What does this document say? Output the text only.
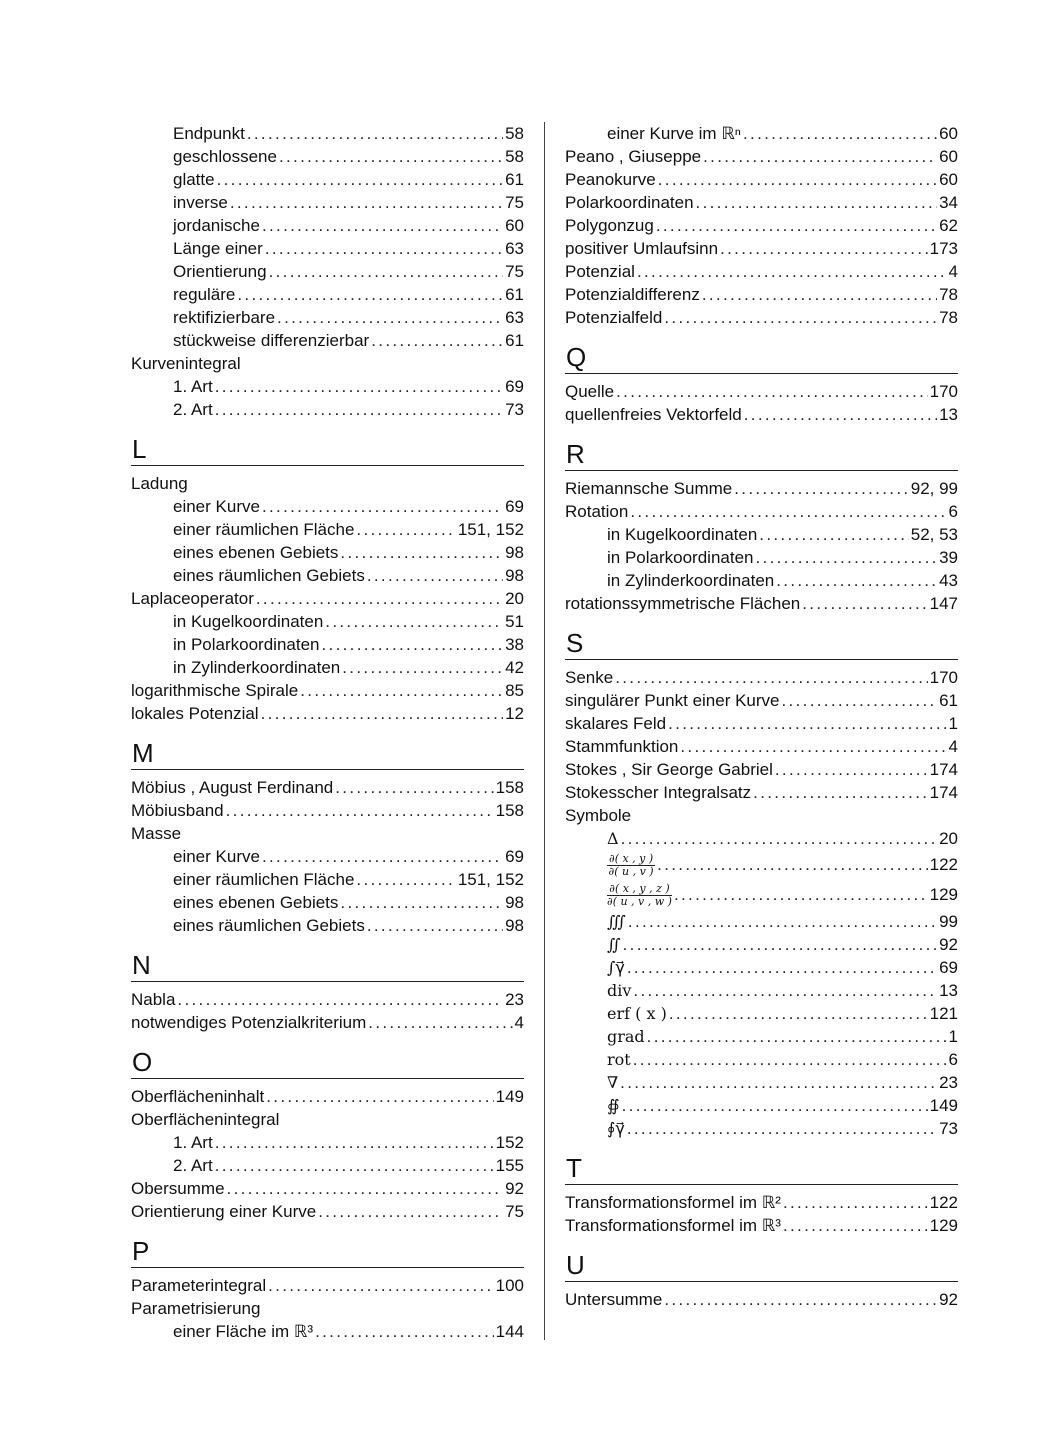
Endpunkt . . .	58
geschlossene . . .	58
glatte . . .	61
inverse . . .	75
jordanische . . .	60
Länge einer . . .	63
Orientierung . . .	75
reguläre . . .	61
rektifizierbare . . .	63
stückweise differenzierbar . . .	61
Kurvenintegral
1. Art . . .	69
2. Art . . .	73
L
Ladung
einer Kurve . . .	69
einer räumlichen Fläche . . .	151, 152
eines ebenen Gebiets . . .	98
eines räumlichen Gebiets . . .	98
Laplaceoperator . . .	20
in Kugelkoordinaten . . .	51
in Polarkoordinaten . . .	38
in Zylinderkoordinaten . . .	42
logarithmische Spirale . . .	85
lokales Potenzial . . .	12
M
Möbius , August Ferdinand . . .	158
Möbiusband . . .	158
Masse
einer Kurve . . .	69
einer räumlichen Fläche . . .	151, 152
eines ebenen Gebiets . . .	98
eines räumlichen Gebiets . . .	98
N
Nabla . . .	23
notwendiges Potenzialkriterium . . .	4
O
Oberflächeninhalt . . .	149
Oberflächenintegral
1. Art . . .	152
2. Art . . .	155
Obersumme . . .	92
Orientierung einer Kurve . . .	75
P
Parameterintegral . . .	100
Parametrisierung
einer Fläche im ℝ³ . . .	144
einer Kurve im ℝⁿ . . .	60
Peano , Giuseppe . . .	60
Peanokurve . . .	60
Polarkoordinaten . . .	34
Polygonzug . . .	62
positiver Umlaufsinn . . .	173
Potenzial . . .	4
Potenzialdifferenz . . .	78
Potenzialfeld . . .	78
Q
Quelle . . .	170
quellenfreies Vektorfeld . . .	13
R
Riemannsche Summe . . .	92, 99
Rotation . . .	6
in Kugelkoordinaten . . .	52, 53
in Polarkoordinaten . . .	39
in Zylinderkoordinaten . . .	43
rotationssymmetrische Flächen . . .	147
S
Senke . . .	170
singulärer Punkt einer Kurve . . .	61
skalares Feld . . .	1
Stammfunktion . . .	4
Stokes , Sir George Gabriel . . .	174
Stokesscher Integralsatz . . .	174
Symbole
Δ . . .	20
$\frac{\partial( x , y )}{\partial( u , v )}$ . . .	122
$\frac{\partial( x , y , z )}{\partial( u , v , w )}$ . . .	129
∭ . . .	99
∬ . . .	92
∫γ⃗ . . .	69
div . . .	13
erf ( x ) . . .	121
grad . . .	1
rot . . .	6
∇ . . .	23
∯ . . .	149
∮γ⃗ . . .	73
T
Transformationsformel im ℝ² . . .	122
Transformationsformel im ℝ³ . . .	129
U
Untersumme . . .	92
